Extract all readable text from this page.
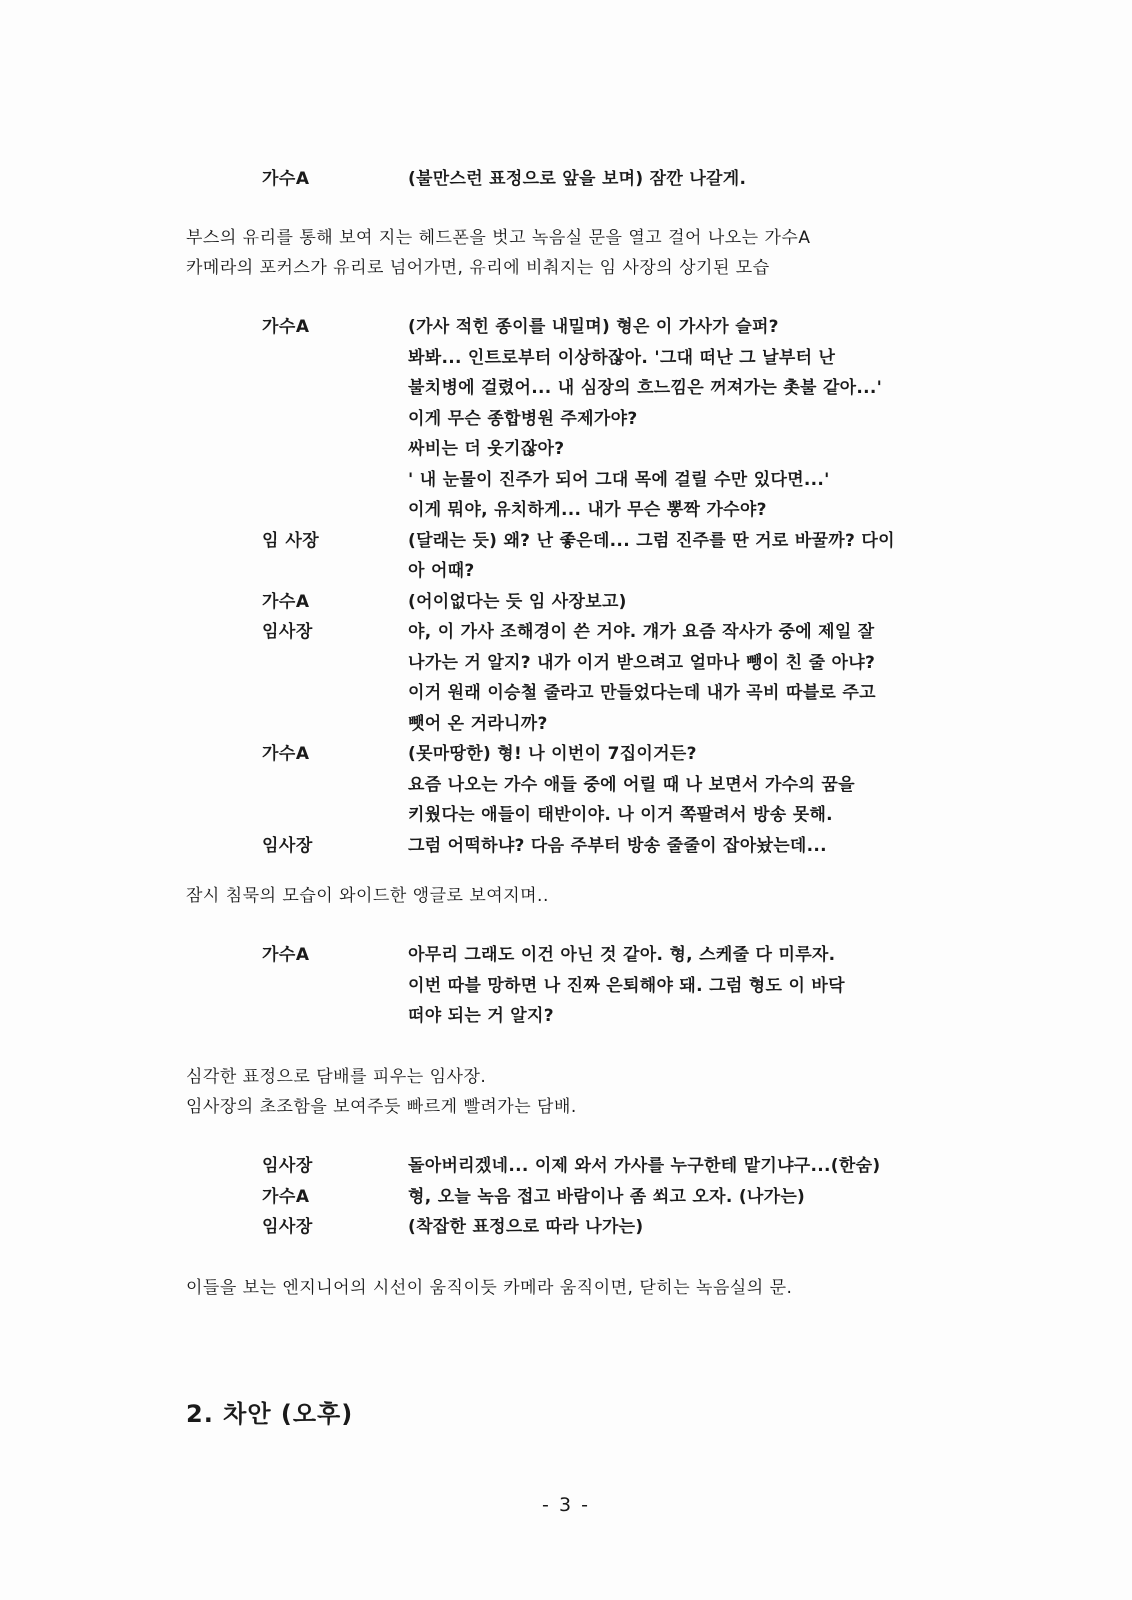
가수A	(불만스런 표정으로 앞을 보며) 잠깐 나갈게.
부스의 유리를 통해 보여 지는 헤드폰을 벗고 녹음실 문을 열고 걸어 나오는 가수A
카메라의 포커스가 유리로 넘어가면, 유리에 비춰지는 임 사장의 상기된 모습
가수A	(가사 적힌 종이를 내밀며) 형은 이 가사가 슬퍼?
봐봐... 인트로부터 이상하잖아. '그대 떠난 그 날부터 난
불치병에 걸렸어... 내 심장의 흐느낌은 꺼져가는 촛불 같아...'
이게 무슨 종합병원 주제가야?
싸비는 더 웃기잖아?
' 내 눈물이 진주가 되어 그대 목에 걸릴 수만 있다면...'
이게 뭐야, 유치하게... 내가 무슨 뽕짝 가수야?
임 사장	(달래는 듯) 왜? 난 좋은데... 그럼 진주를 딴 거로 바꿀까? 다이
아 어때?
가수A	(어이없다는 듯 임 사장보고)
임사장	야, 이 가사 조해경이 쓴 거야. 걔가 요즘 작사가 중에 제일 잘
나가는 거 알지? 내가 이거 받으려고 얼마나 뺑이 친 줄 아냐?
이거 원래 이승철 줄라고 만들었다는데 내가 곡비 따블로 주고
뺏어 온 거라니까?
가수A	(못마땅한) 형! 나 이번이 7집이거든?
요즘 나오는 가수 애들 중에 어릴 때 나 보면서 가수의 꿈을
키웠다는 애들이 태반이야. 나 이거 쪽팔려서 방송 못해.
임사장	그럼 어떡하냐? 다음 주부터 방송 줄줄이 잡아놨는데...
잠시 침묵의 모습이 와이드한 앵글로 보여지며..
가수A	아무리 그래도 이건 아닌 것 같아. 형, 스케줄 다 미루자.
이번 따블 망하면 나 진짜 은퇴해야 돼. 그럼 형도 이 바닥
떠야 되는 거 알지?
심각한 표정으로 담배를 피우는 임사장.
임사장의 초조함을 보여주듯 빠르게 빨려가는 담배.
임사장	돌아버리겠네... 이제 와서 가사를 누구한테 맡기냐구...(한숨)
가수A	형, 오늘 녹음 접고 바람이나 좀 쐬고 오자. (나가는)
임사장	(착잡한 표정으로 따라 나가는)
이들을 보는 엔지니어의 시선이 움직이듯 카메라 움직이면, 닫히는 녹음실의 문.
2. 차안 (오후)
- 3 -
